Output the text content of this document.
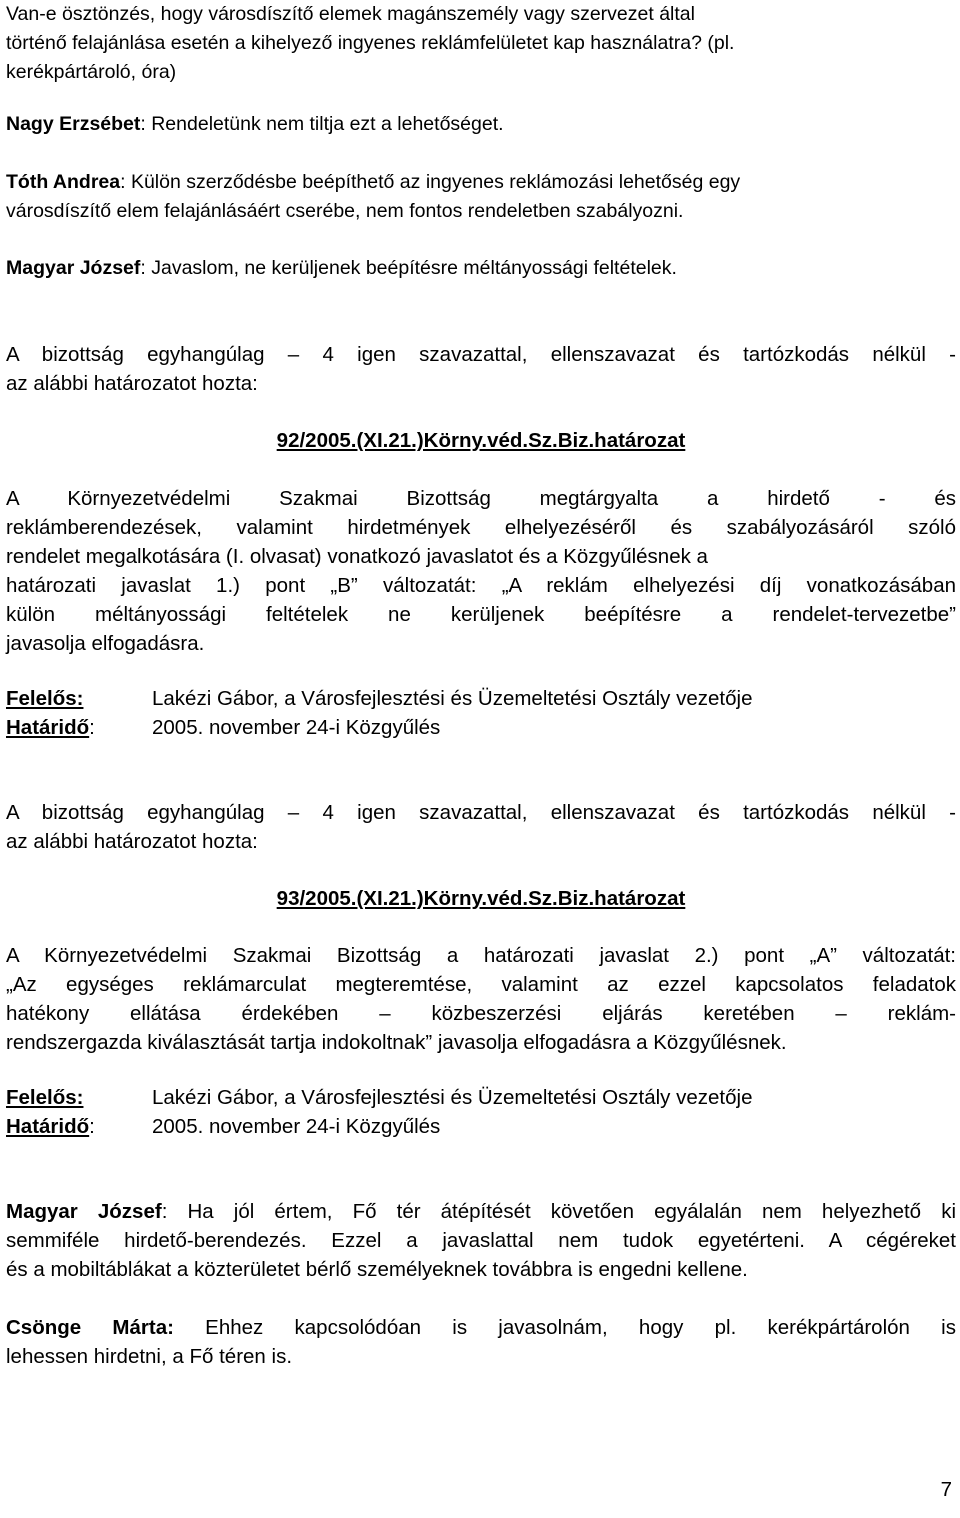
Van-e ösztönzés, hogy városdíszítő elemek magánszemély vagy szervezet által
történő felajánlása esetén a kihelyező ingyenes reklámfelületet kap használatra? (pl.
kerékpártároló, óra)
Nagy Erzsébet: Rendeletünk nem tiltja ezt a lehetőséget.
Tóth Andrea: Külön szerződésbe beépíthető az ingyenes reklámozási lehetőség egy
városdíszítő elem felajánlásáért cserébe, nem fontos rendeletben szabályozni.
Magyar József: Javaslom, ne kerüljenek beépítésre méltányossági feltételek.
A bizottság egyhangúlag – 4 igen szavazattal, ellenszavazat és tartózkodás nélkül -
az alábbi határozatot hozta:
92/2005.(XI.21.)Körny.véd.Sz.Biz.határozat
A Környezetvédelmi Szakmai Bizottság megtárgyalta a hirdető - és
reklámberendezések, valamint hirdetmények elhelyezéséről és szabályozásáról szóló
rendelet megalkotására (I. olvasat) vonatkozó javaslatot és a Közgyűlésnek a
határozati javaslat 1.) pont „B” változatát: „A reklám elhelyezési díj vonatkozásában
külön méltányossági feltételek ne kerüljenek beépítésre a rendelet-tervezetbe”
javasolja elfogadásra.
Felelős:	Lakézi Gábor, a Városfejlesztési és Üzemeltetési Osztály vezetője
Határidő:	2005. november 24-i Közgyűlés
A bizottság egyhangúlag – 4 igen szavazattal, ellenszavazat és tartózkodás nélkül -
az alábbi határozatot hozta:
93/2005.(XI.21.)Körny.véd.Sz.Biz.határozat
A Környezetvédelmi Szakmai Bizottság a határozati javaslat 2.) pont „A” változatát:
„Az egységes reklámarculat megteremtése, valamint az ezzel kapcsolatos feladatok
hatékony ellátása érdekében – közbeszerzési eljárás keretében – reklám-
rendszergazda kiválasztását tartja indokoltnak” javasolja elfogadásra a Közgyűlésnek.
Felelős:	Lakézi Gábor, a Városfejlesztési és Üzemeltetési Osztály vezetője
Határidő:	2005. november 24-i Közgyűlés
Magyar József: Ha jól értem, Fő tér átépítését követően egyálalán nem helyezhető ki
semmiféle hirdető-berendezés. Ezzel a javaslattal nem tudok egyetérteni. A cégéreket
és a mobiltáblákat a közterületet bérlő személyeknek továbbra is engedni kellene.
Csönge Márta: Ehhez kapcsolódóan is javasolnám, hogy pl. kerékpártárolón is
lehessen hirdetni, a Fő téren is.
7
